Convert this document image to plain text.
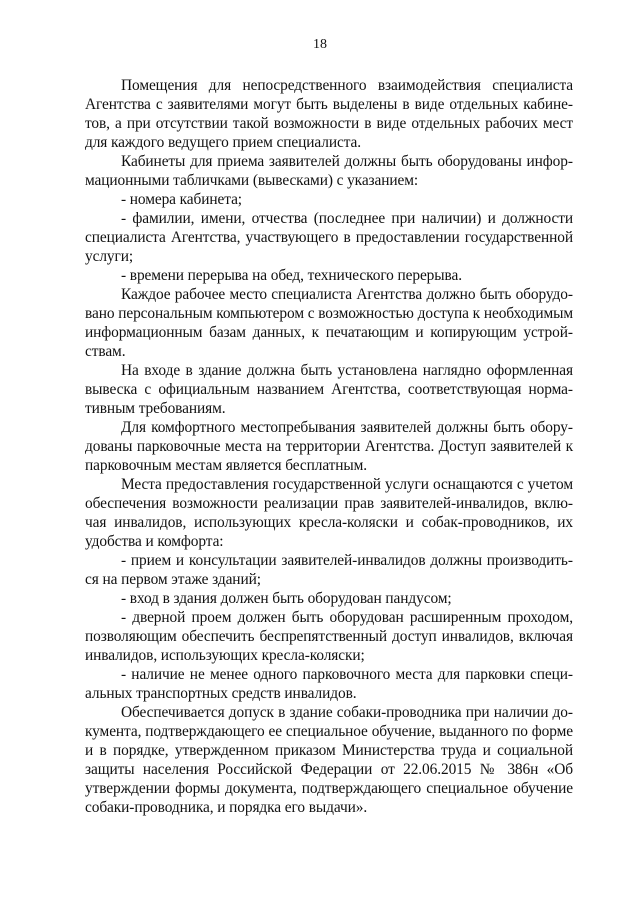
18

Помещения для непосредственного взаимодействия специалиста Агентства с заявителями могут быть выделены в виде отдельных кабинетов, а при отсутствии такой возможности в виде отдельных рабочих мест для каждого ведущего прием специалиста.

Кабинеты для приема заявителей должны быть оборудованы информационными табличками (вывесками) с указанием:

- номера кабинета;

- фамилии, имени, отчества (последнее при наличии) и должности специалиста Агентства, участвующего в предоставлении государственной услуги;

- времени перерыва на обед, технического перерыва.

Каждое рабочее место специалиста Агентства должно быть оборудовано персональным компьютером с возможностью доступа к необходимым информационным базам данных, к печатающим и копирующим устройствам.

На входе в здание должна быть установлена наглядно оформленная вывеска с официальным названием Агентства, соответствующая нормативным требованиям.

Для комфортного местопребывания заявителей должны быть оборудованы парковочные места на территории Агентства. Доступ заявителей к парковочным местам является бесплатным.

Места предоставления государственной услуги оснащаются с учетом обеспечения возможности реализации прав заявителей-инвалидов, включая инвалидов, использующих кресла-коляски и собак-проводников, их удобства и комфорта:

- прием и консультации заявителей-инвалидов должны производиться на первом этаже зданий;

- вход в здания должен быть оборудован пандусом;

- дверной проем должен быть оборудован расширенным проходом, позволяющим обеспечить беспрепятственный доступ инвалидов, включая инвалидов, использующих кресла-коляски;

- наличие не менее одного парковочного места для парковки специальных транспортных средств инвалидов.

Обеспечивается допуск в здание собаки-проводника при наличии документа, подтверждающего ее специальное обучение, выданного по форме и в порядке, утвержденном приказом Министерства труда и социальной защиты населения Российской Федерации от 22.06.2015 № 386н «Об утверждении формы документа, подтверждающего специальное обучение собаки-проводника, и порядка его выдачи».
